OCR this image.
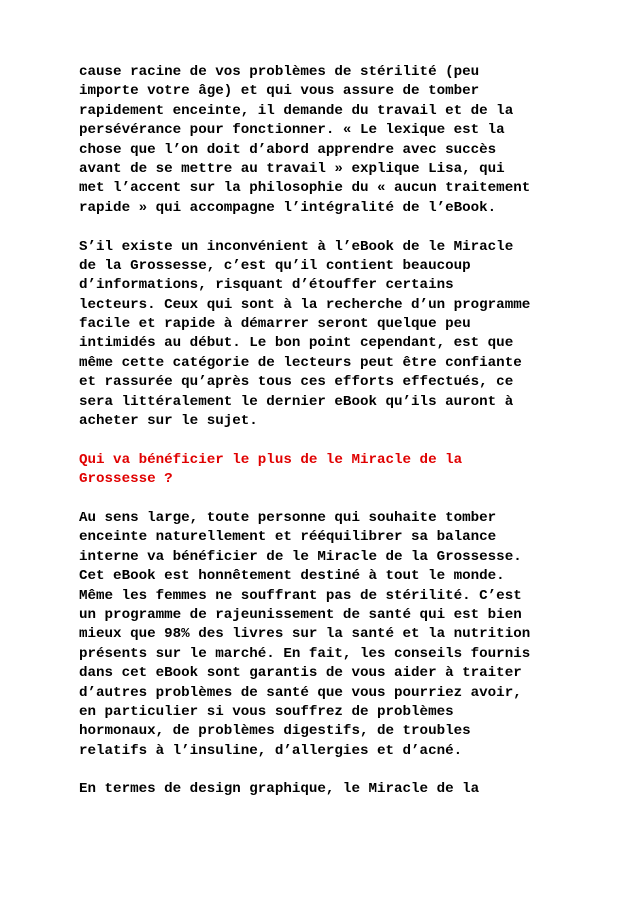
cause racine de vos problèmes de stérilité (peu
importe votre âge) et qui vous assure de tomber
rapidement enceinte, il demande du travail et de la
persévérance pour fonctionner. « Le lexique est la
chose que l’on doit d’abord apprendre avec succès
avant de se mettre au travail » explique Lisa, qui
met l’accent sur la philosophie du « aucun traitement
rapide » qui accompagne l’intégralité de l’eBook.
S’il existe un inconvénient à l’eBook de le Miracle
de la Grossesse, c’est qu’il contient beaucoup
d’informations, risquant d’étouffer certains
lecteurs. Ceux qui sont à la recherche d’un programme
facile et rapide à démarrer seront quelque peu
intimidés au début. Le bon point cependant, est que
même cette catégorie de lecteurs peut être confiante
et rassurée qu’après tous ces efforts effectués, ce
sera littéralement le dernier eBook qu’ils auront à
acheter sur le sujet.
Qui va bénéficier le plus de le Miracle de la
Grossesse ?
Au sens large, toute personne qui souhaite tomber
enceinte naturellement et rééquilibrer sa balance
interne va bénéficier de le Miracle de la Grossesse.
Cet eBook est honnêtement destiné à tout le monde.
Même les femmes ne souffrant pas de stérilité. C’est
un programme de rajeunissement de santé qui est bien
mieux que 98% des livres sur la santé et la nutrition
présents sur le marché. En fait, les conseils fournis
dans cet eBook sont garantis de vous aider à traiter
d’autres problèmes de santé que vous pourriez avoir,
en particulier si vous souffrez de problèmes
hormonaux, de problèmes digestifs, de troubles
relatifs à l’insuline, d’allergies et d’acné.
En termes de design graphique, le Miracle de la
